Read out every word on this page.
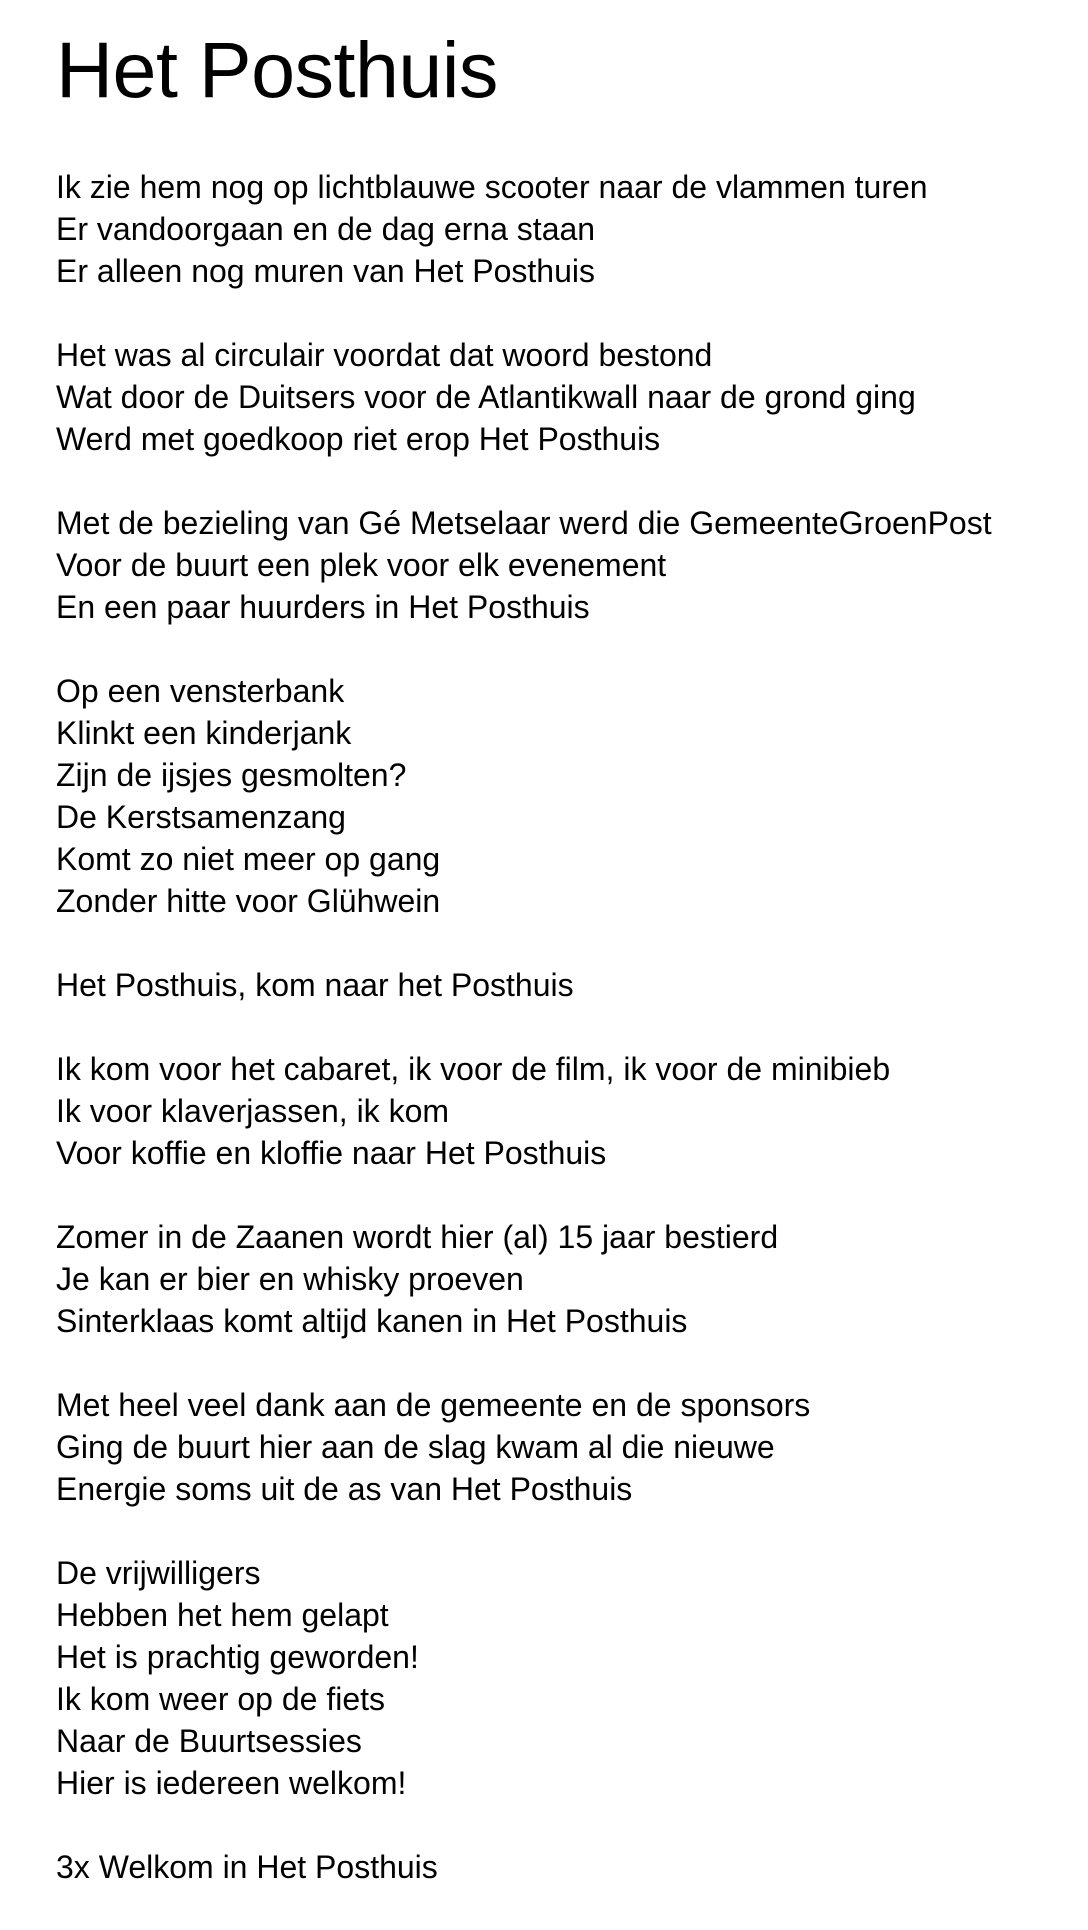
Het Posthuis
Ik zie hem nog op lichtblauwe scooter naar de vlammen turen
Er vandoorgaan en de dag erna staan
Er alleen nog muren van Het Posthuis
Het was al circulair voordat dat woord bestond
Wat door de Duitsers voor de Atlantikwall naar de grond ging
Werd met goedkoop riet erop Het Posthuis
Met de bezieling van Gé Metselaar werd die GemeenteGroenPost
Voor de buurt een plek voor elk evenement
En een paar huurders in Het Posthuis
Op een vensterbank
Klinkt een kinderjank
Zijn de ijsjes gesmolten?
De Kerstsamenzang
Komt zo niet meer op gang
Zonder hitte voor Glühwein
Het Posthuis, kom naar het Posthuis
Ik kom voor het cabaret, ik voor de film, ik voor de minibieb
Ik voor klaverjassen, ik kom
Voor koffie en kloffie naar Het Posthuis
Zomer in de Zaanen wordt hier (al) 15 jaar bestierd
Je kan er bier en whisky proeven
Sinterklaas komt altijd kanen in Het Posthuis
Met heel veel dank aan de gemeente en de sponsors
Ging de buurt hier aan de slag kwam al die nieuwe
Energie soms uit de as van Het Posthuis
De vrijwilligers
Hebben het hem gelapt
Het is prachtig geworden!
Ik kom weer op de fiets
Naar de Buurtsessies
Hier is iedereen welkom!
3x Welkom in Het Posthuis
